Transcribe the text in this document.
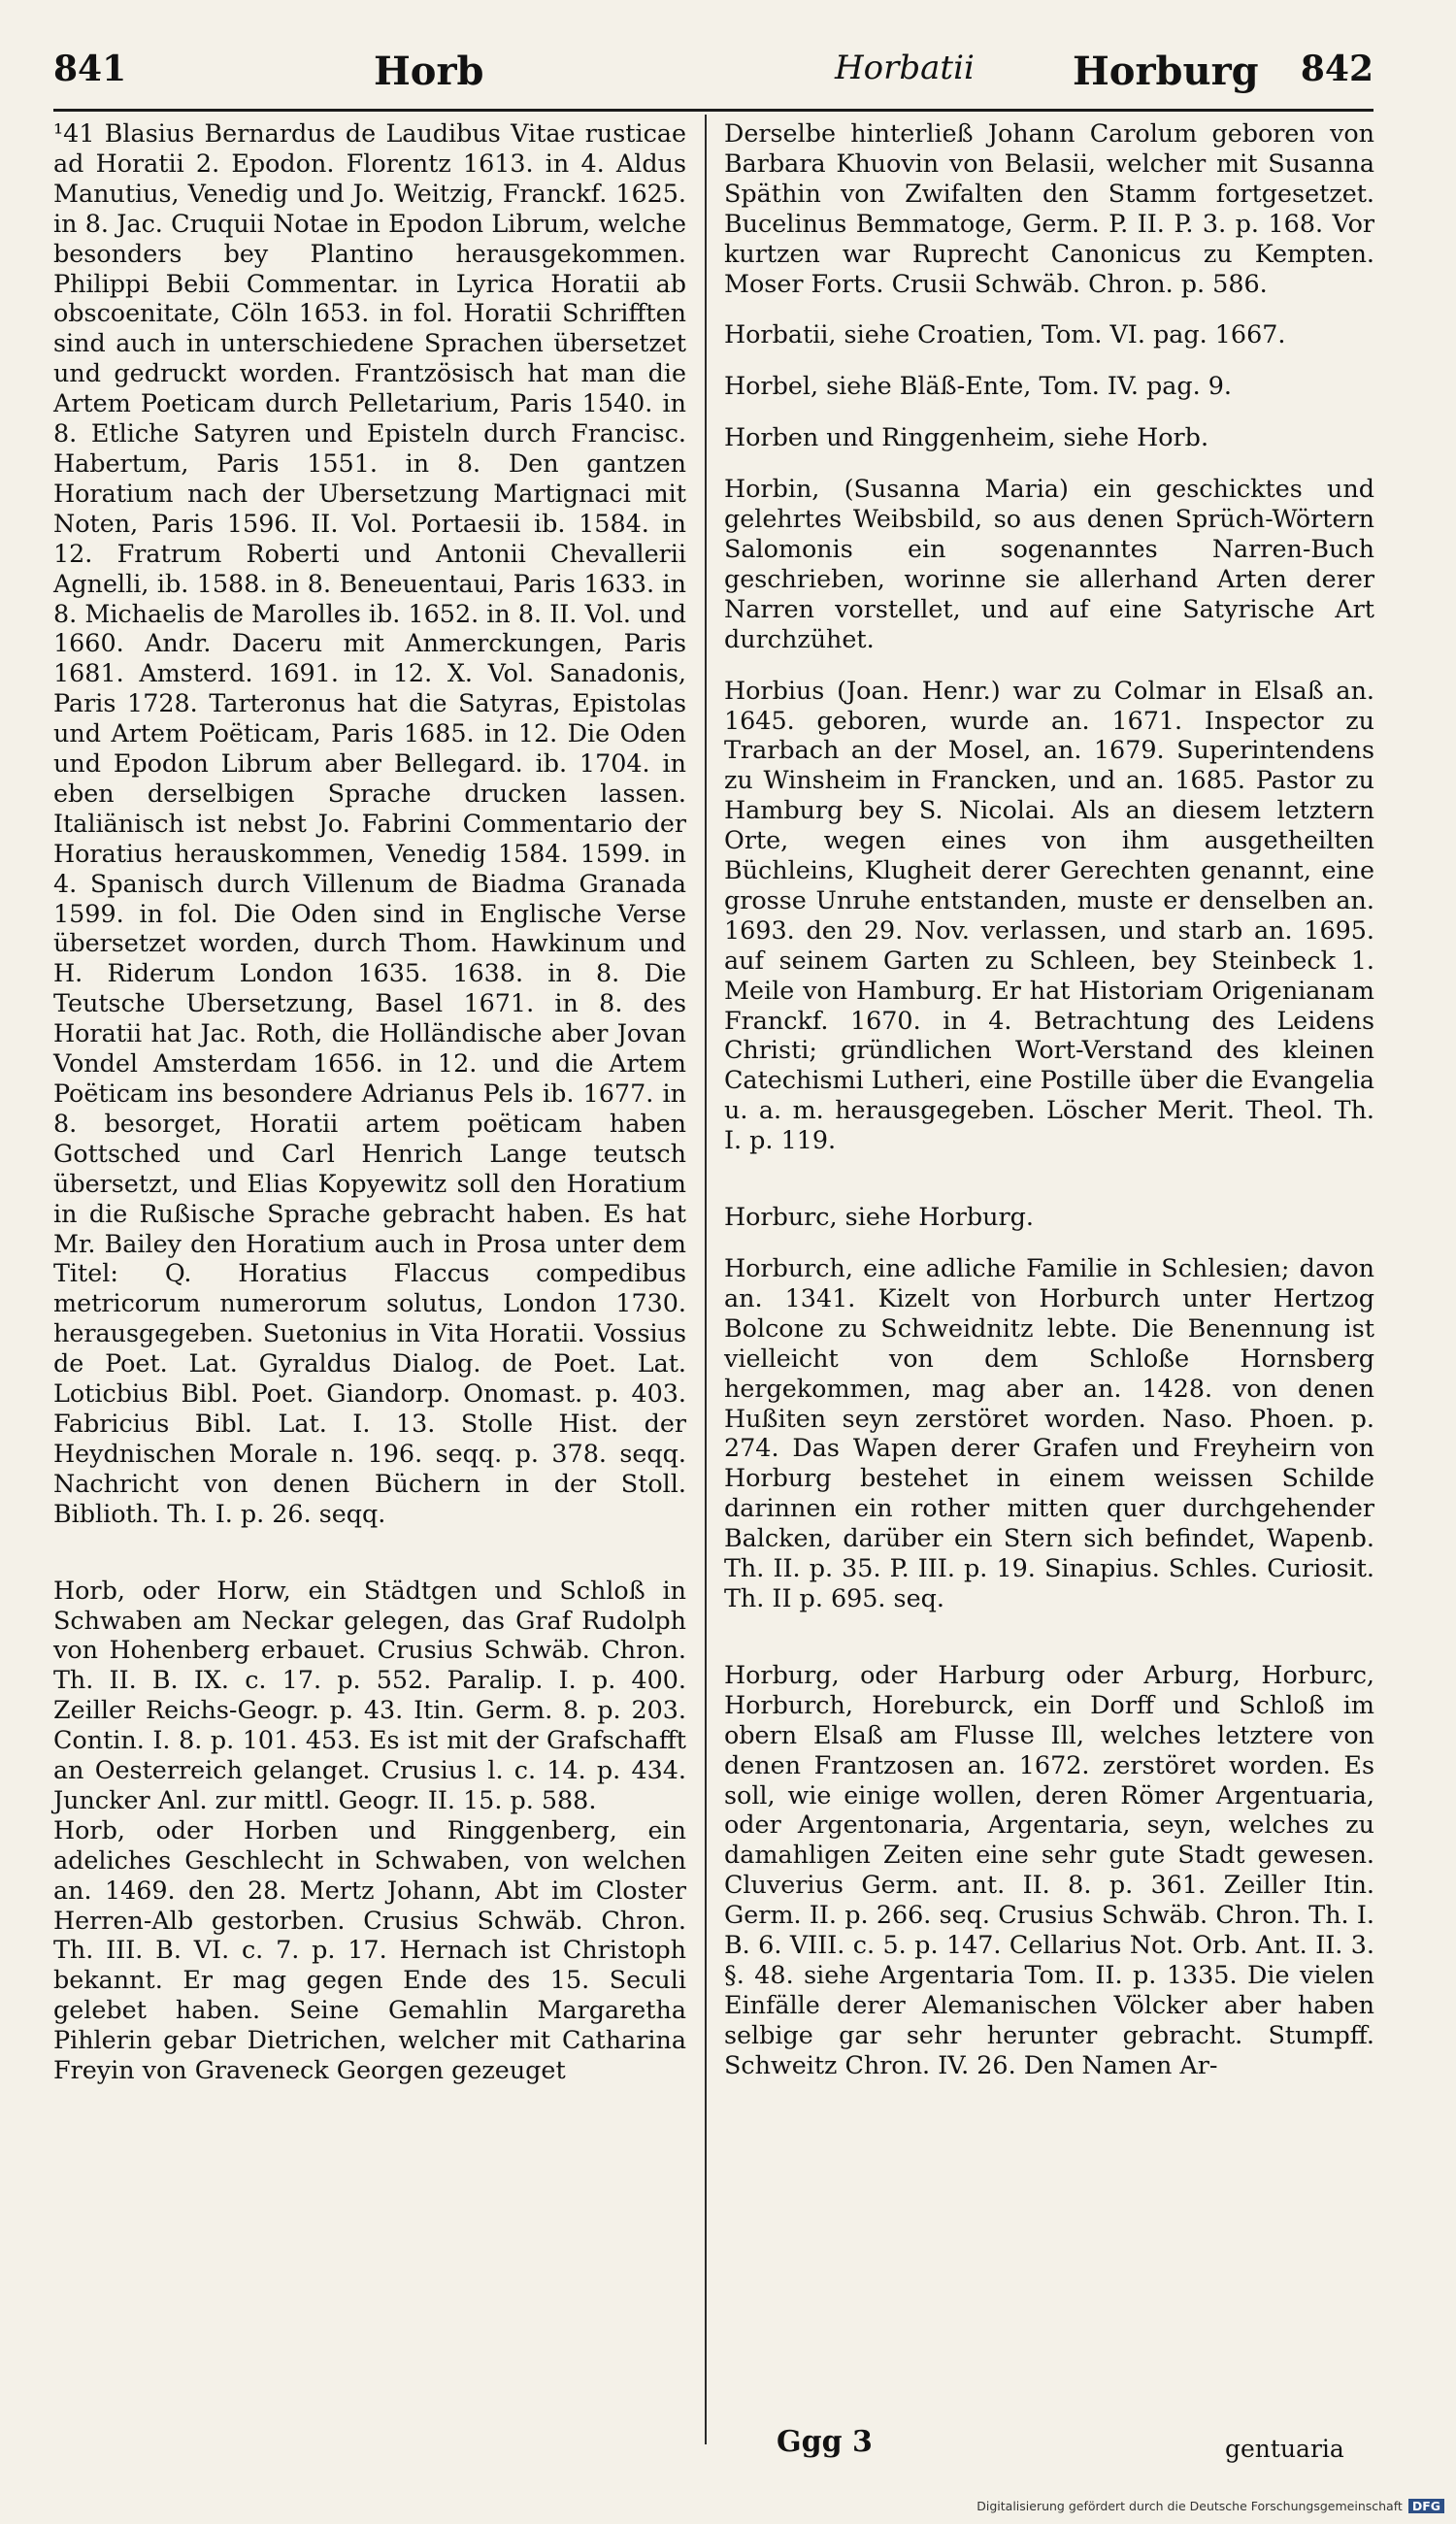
841	Horb	Horbatii	Horburg 842

¹41 Blasius Bernardus de Laudibus Vitae rusticae ad Horatii 2. Epodon. Florentz 1613. in 4. Aldus Manutius, Venedig und Jo. Weitzig, Franckf. 1625. in 8. Jac. Cruquii Notae in Epodon Librum, welche besonders bey Plantino herausgekommen. Philippi Bebii Commentar. in Lyrica Horatii ab obscoenitate, Cöln 1653. in fol. Horatii Schrifften sind auch in unterschiedene Sprachen übersetzet und gedruckt worden. Frantzösisch hat man die Artem Poeticam durch Pelletarium, Paris 1540. in 8. Etliche Satyren und Episteln durch Francisc. Habertum, Paris 1551. in 8. Den gantzen Horatium nach der Ubersetzung Martignaci mit Noten, Paris 1596. II. Vol. Portaesii ib. 1584. in 12. Fratrum Roberti und Antonii Chevallerii Agnelli, ib. 1588. in 8. Beneuentaui, Paris 1633. in 8. Michaelis de Marolles ib. 1652. in 8. II. Vol. und 1660. Andr. Daceru mit Anmerckungen, Paris 1681. Amsterd. 1691. in 12. X. Vol. Sanadonis, Paris 1728. Tarteronus hat die Satyras, Epistolas und Artem Poëticam, Paris 1685. in 12. Die Oden und Epodon Librum aber Bellegard. ib. 1704. in eben derselbigen Sprache drucken lassen. Italiänisch ist nebst Jo. Fabrini Commentario der Horatius herauskommen, Venedig 1584. 1599. in 4. Spanisch durch Villenum de Biadma Granada 1599. in fol. Die Oden sind in Englische Verse übersetzet worden, durch Thom. Hawkinum und H. Riderum London 1635. 1638. in 8. Die Teutsche Ubersetzung, Basel 1671. in 8. des Horatii hat Jac. Roth, die Holländische aber Jovan Vondel Amsterdam 1656. in 12. und die Artem Poëticam ins besondere Adrianus Pels ib. 1677. in 8. besorget, Horatii artem poëticam haben Gottsched und Carl Henrich Lange teutsch übersetzt, und Elias Kopyewitz soll den Horatium in die Rußische Sprache gebracht haben. Es hat Mr. Bailey den Horatium auch in Prosa unter dem Titel: Q. Horatius Flaccus compedibus metricorum numerorum solutus, London 1730. herausgegeben. Suetonius in Vita Horatii. Vossius de Poet. Lat. Gyraldus Dialog. de Poet. Lat. Loticbius Bibl. Poet. Giandorp. Onomast. p. 403. Fabricius Bibl. Lat. I. 13. Stolle Hist. der Heydnischen Morale n. 196. seqq. p. 378. seqq. Nachricht von denen Büchern in der Stoll. Biblioth. Th. I. p. 26. seqq.

Horb, oder Horw, ein Städtgen und Schloß in Schwaben am Neckar gelegen, das Graf Rudolph von Hohenberg erbauet. Crusius Schwäb. Chron. Th. II. B. IX. c. 17. p. 552. Paralip. I. p. 400. Zeiller Reichs-Geogr. p. 43. Itin. Germ. 8. p. 203. Contin. I. 8. p. 101. 453. Es ist mit der Grafschafft an Oesterreich gelanget. Crusius l. c. 14. p. 434. Juncker Anl. zur mittl. Geogr. II. 15. p. 588.

Horb, oder Horben und Ringgenberg, ein adeliches Geschlecht in Schwaben, von welchen an. 1469. den 28. Mertz Johann, Abt im Closter Herren-Alb gestorben. Crusius Schwäb. Chron. Th. III. B. VI. c. 7. p. 17. Hernach ist Christoph bekannt. Er mag gegen Ende des 15. Seculi gelebet haben. Seine Gemahlin Margaretha Pihlerin gebar Dietrichen, welcher mit Catharina Freyin von Graveneck Georgen gezeuget

Derselbe hinterließ Johann Carolum geboren von Barbara Khuovin von Belasii, welcher mit Susanna Späthin von Zwifalten den Stamm fortgesetzet. Bucelinus Bemmatoge, Germ. P. II. P. 3. p. 168. Vor kurtzen war Ruprecht Canonicus zu Kempten. Moser Forts. Crusii Schwäb. Chron. p. 586.

Horbatii, siehe Croatien, Tom. VI. pag. 1667.

Horbel, siehe Bläß-Ente, Tom. IV. pag. 9.

Horben und Ringgenheim, siehe Horb.

Horbin, (Susanna Maria) ein geschicktes und gelehrtes Weibsbild, so aus denen Sprüch-Wörtern Salomonis ein sogenanntes Narren-Buch geschrieben, worinne sie allerhand Arten derer Narren vorstellet, und auf eine Satyrische Art durchzühet.

Horbius (Joan. Henr.) war zu Colmar in Elsaß an. 1645. geboren, wurde an. 1671. Inspector zu Trarbach an der Mosel, an. 1679. Superintendens zu Winsheim in Francken, und an. 1685. Pastor zu Hamburg bey S. Nicolai. Als an diesem letztern Orte, wegen eines von ihm ausgetheilten Büchleins, Klugheit derer Gerechten genannt, eine grosse Unruhe entstanden, muste er denselben an. 1693. den 29. Nov. verlassen, und starb an. 1695. auf seinem Garten zu Schleen, bey Steinbeck 1. Meile von Hamburg. Er hat Historiam Origenianam Franckf. 1670. in 4. Betrachtung des Leidens Christi; gründlichen Wort-Verstand des kleinen Catechismi Lutheri, eine Postille über die Evangelia u. a. m. herausgegeben. Löscher Merit. Theol. Th. I. p. 119.

Horburc, siehe Horburg.

Horburch, eine adliche Familie in Schlesien; davon an. 1341. Kizelt von Horburch unter Hertzog Bolcone zu Schweidnitz lebte. Die Benennung ist vielleicht von dem Schloße Hornsberg hergekommen, mag aber an. 1428. von denen Hußiten seyn zerstöret worden. Naso. Phoen. p. 274. Das Wapen derer Grafen und Freyheirn von Horburg bestehet in einem weissen Schilde darinnen ein rother mitten quer durchgehender Balcken, darüber ein Stern sich befindet, Wapenb. Th. II. p. 35. P. III. p. 19. Sinapius. Schles. Curiosit. Th. II p. 695. seq.

Horburg, oder Harburg oder Arburg, Horburc, Horburch, Horeburck, ein Dorff und Schloß im obern Elsaß am Flusse Ill, welches letztere von denen Frantzosen an. 1672. zerstöret worden. Es soll, wie einige wollen, deren Römer Argentuaria, oder Argentonaria, Argentaria, seyn, welches zu damahligen Zeiten eine sehr gute Stadt gewesen. Cluverius Germ. ant. II. 8. p. 361. Zeiller Itin. Germ. II. p. 266. seq. Crusius Schwäb. Chron. Th. I. B. 6. VIII. c. 5. p. 147. Cellarius Not. Orb. Ant. II. 3. §. 48. siehe Argentaria Tom. II. p. 1335. Die vielen Einfälle derer Alemanischen Völcker aber haben selbige gar sehr herunter gebracht. Stumpff. Schweitz Chron. IV. 26. Den Namen Ar-

Ggg 3	gentuaria
Digitalisierung gefördert durch die Deutsche Forschungsgemeinschaft DFG
